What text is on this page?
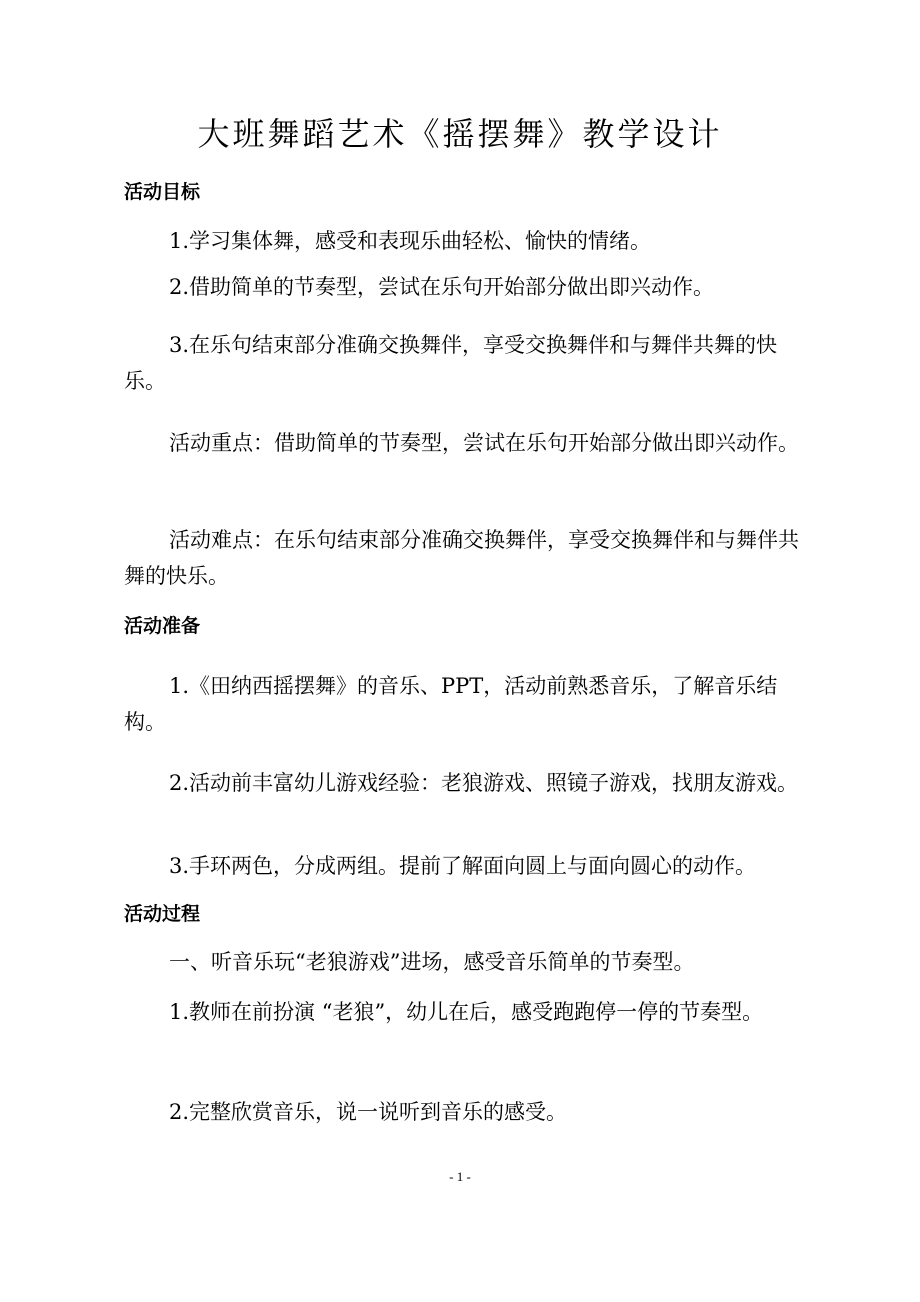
大班舞蹈艺术《摇摆舞》教学设计
活动目标

1.学习集体舞，感受和表现乐曲轻松、愉快的情绪。

2.借助简单的节奏型，尝试在乐句开始部分做出即兴动作。

3.在乐句结束部分准确交换舞伴，享受交换舞伴和与舞伴共舞的快乐。

活动重点：借助简单的节奏型，尝试在乐句开始部分做出即兴动作。

活动难点：在乐句结束部分准确交换舞伴，享受交换舞伴和与舞伴共舞的快乐。

活动准备

1.《田纳西摇摆舞》的音乐、PPT，活动前熟悉音乐，了解音乐结构。

2.活动前丰富幼儿游戏经验：老狼游戏、照镜子游戏，找朋友游戏。

3.手环两色，分成两组。提前了解面向圆上与面向圆心的动作。

活动过程

一、听音乐玩“老狼游戏”进场，感受音乐简单的节奏型。

1.教师在前扮演 “老狼”，幼儿在后，感受跑跑停一停的节奏型。

2.完整欣赏音乐，说一说听到音乐的感受。

- 1 -
